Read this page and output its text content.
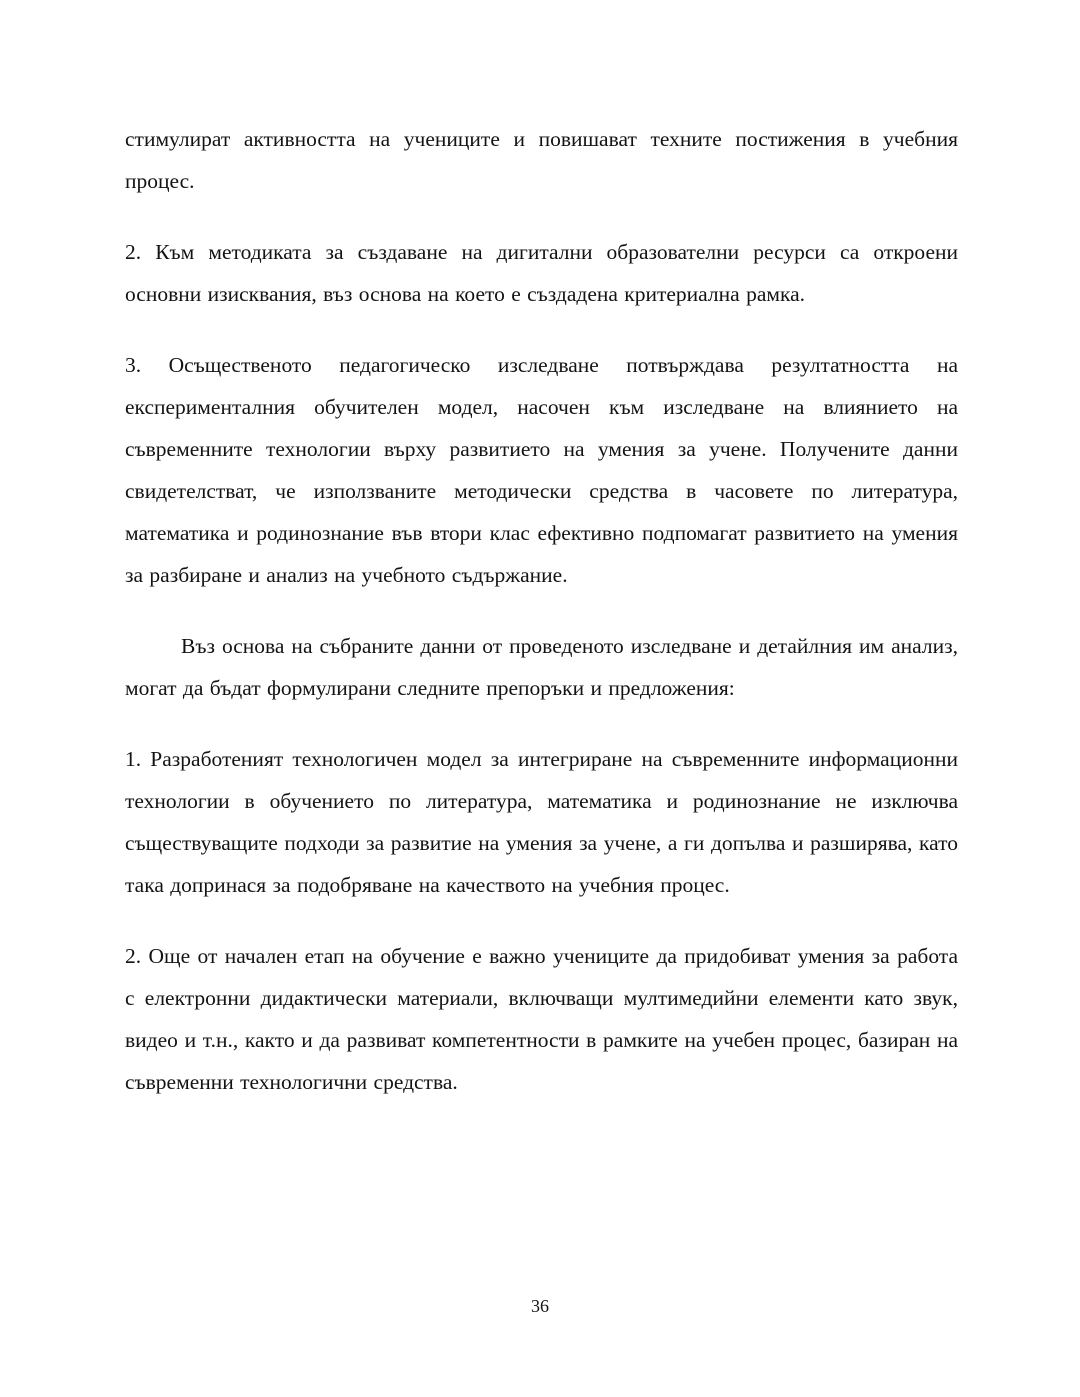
стимулират активността на учениците и повишават техните постижения в учебния процес.

2. Към методиката за създаване на дигитални образователни ресурси са откроени основни изисквания, въз основа на което е създадена критериална рамка.

3. Осъщественото педагогическо изследване потвърждава резултатността на експерименталния обучителен модел, насочен към изследване на влиянието на съвременните технологии върху развитието на умения за учене. Получените данни свидетелстват, че използваните методически средства в часовете по литература, математика и родинознание във втори клас ефективно подпомагат развитието на умения за разбиране и анализ на учебното съдържание.

Въз основа на събраните данни от проведеното изследване и детайлния им анализ, могат да бъдат формулирани следните препоръки и предложения:

1. Разработеният технологичен модел за интегриране на съвременните информационни технологии в обучението по литература, математика и родинознание не изключва съществуващите подходи за развитие на умения за учене, а ги допълва и разширява, като така допринася за подобряване на качеството на учебния процес.

2. Още от начален етап на обучение е важно учениците да придобиват умения за работа с електронни дидактически материали, включващи мултимедийни елементи като звук, видео и т.н., както и да развиват компетентности в рамките на учебен процес, базиран на съвременни технологични средства.

36
